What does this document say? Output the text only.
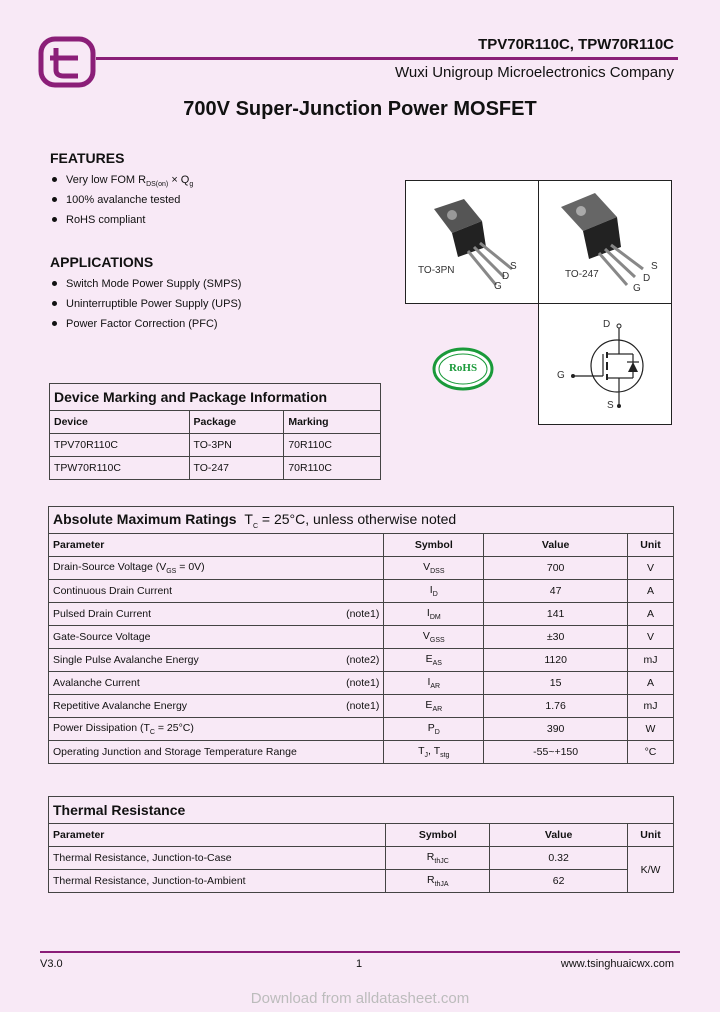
TPV70R110C, TPW70R110C
Wuxi Unigroup Microelectronics Company
700V Super-Junction Power MOSFET
FEATURES
Very low FOM $R_{DS(on)} \times Q_g$
100% avalanche tested
RoHS compliant
APPLICATIONS
Switch Mode Power Supply (SMPS)
Uninterruptible Power Supply (UPS)
Power Factor Correction (PFC)
TO-3PN
G
D
S
TO-247
G
D
S
RoHS
D
G
S
Device Marking and Package Information		
Device	Package	Marking
TPV70R110C	TO-3PN	70R110C
TPW70R110C	TO-247	70R110C
Absolute Maximum Ratings $T_C = 25^\circ C$, unless otherwise noted			
Parameter	Symbol	Value	Unit
Drain-Source Voltage $(V_{GS} = 0V)$	$V_{DSS}$	700	V
Continuous Drain Current	$I_D$	47	A
Pulsed Drain Current (note1)	$I_{DM}$	141	A
Gate-Source Voltage	$V_{GSS}$	±30	V
Single Pulse Avalanche Energy (note2)	$E_{AS}$	1120	mJ
Avalanche Current (note1)	$I_{AR}$	15	A
Repetitive Avalanche Energy (note1)	$E_{AR}$	1.76	mJ
Power Dissipation $(T_C = 25^\circ C)$	$P_D$	390	W
Operating Junction and Storage Temperature Range	$T_J$, $T_{stg}$	-55~+150	°C
Thermal Resistance			
Parameter	Symbol	Value	Unit
Thermal Resistance, Junction-to-Case	$R_{thJC}$	0.32	K/W
Thermal Resistance, Junction-to-Ambient	$R_{thJA}$	62	
V3.0	1	www.tsinghuaicwx.com
Download from alldatasheet.com
